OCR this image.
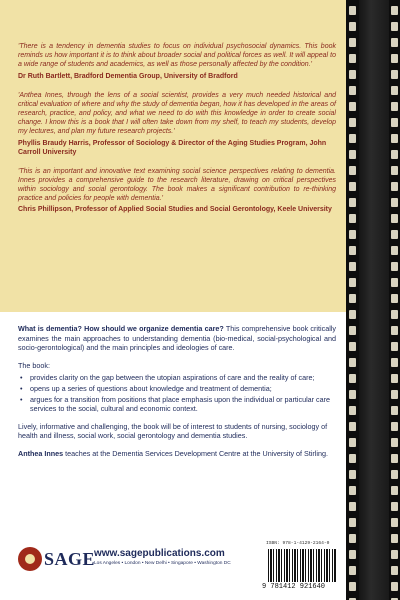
'There is a tendency in dementia studies to focus on individual psychosocial dynamics. This book reminds us how important it is to think about broader social and political forces as well. It will appeal to a wide range of students and academics, as well as those personally affected by the condition.'

Dr Ruth Bartlett, Bradford Dementia Group, University of Bradford

'Anthea Innes, through the lens of a social scientist, provides a very much needed historical and critical evaluation of where and why the study of dementia began, how it has developed in the areas of research, practice, and policy, and what we need to do with this knowledge in order to create social change. I know this is a book that I will often take down from my shelf, to teach my students, develop my lectures, and plan my future research projects.'

Phyllis Braudy Harris, Professor of Sociology & Director of the Aging Studies Program, John Carroll University

'This is an important and innovative text examining social science perspectives relating to dementia. Innes provides a comprehensive guide to the research literature, drawing on critical perspectives within sociology and social gerontology. The book makes a significant contribution to re-thinking practice and policies for people with dementia.'

Chris Phillipson, Professor of Applied Social Studies and Social Gerontology, Keele University

What is dementia? How should we organize dementia care? This comprehensive book critically examines the main approaches to understanding dementia (bio-medical, social-psychological and socio-gerontological) and the main principles and ideologies of care.

The book:

• provides clarity on the gap between the utopian aspirations of care and the reality of care;
• opens up a series of questions about knowledge and treatment of dementia;
• argues for a transition from positions that place emphasis upon the individual or particular care services to the social, cultural and economic context.

Lively, informative and challenging, the book will be of interest to students of nursing, sociology of health and illness, social work, social gerontology and dementia studies.

Anthea Innes teaches at the Dementia Services Development Centre at the University of Stirling.

SAGE
www.sagepublications.com
Los Angeles • London • New Delhi • Singapore • Washington DC
ISBN: 978-1-4129-2164-0
9 781412 921640
